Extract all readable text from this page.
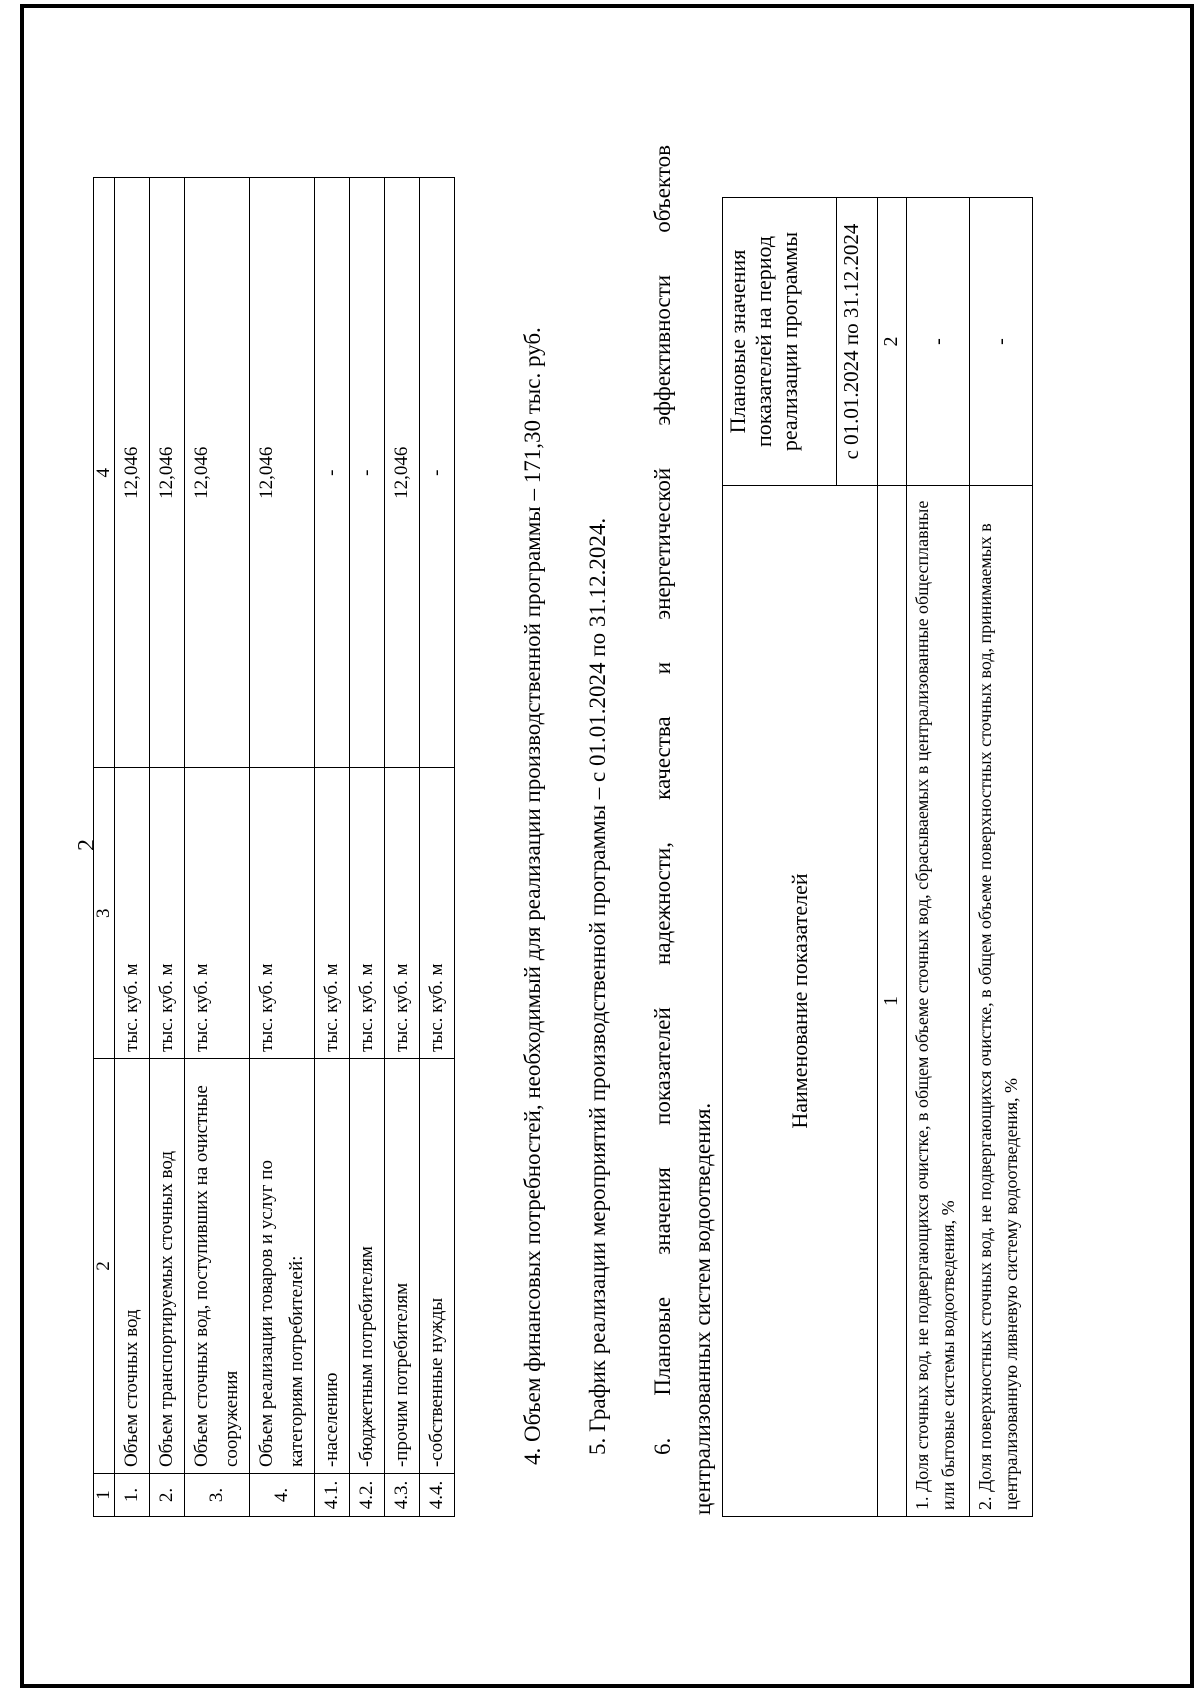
2
1	2	3	4
1.	Объем сточных вод	тыс. куб. м	12,046
2.	Объем транспортируемых сточных вод	тыс. куб. м	12,046
3.	Объем сточных вод, поступивших на очистные сооружения	тыс. куб. м	12,046
4.	Объем реализации товаров и услуг по категориям потребителей:	тыс. куб. м	12,046
4.1.	-населению	тыс. куб. м	-
4.2.	-бюджетным потребителям	тыс. куб. м	-
4.3.	-прочим потребителям	тыс. куб. м	12,046
4.4.	-собственные нужды	тыс. куб. м	-	4. Объем финансовых потребностей, необходимый для реализации производственной программы – 171,30 тыс. руб. 5. График реализации мероприятий производственной программы – с 01.01.2024 по 31.12.2024. 6.
Плановые
значения
показателей
надежности,
качества
и
энергетической
эффективности
объектов
централизованных систем водоотведения.
Наименование показателей	Плановые значения показателей на период реализации программы
	с 01.01.2024 по 31.12.2024
1	2
1. Доля сточных вод, не подвергающихся очистке, в общем объеме сточных вод, сбрасываемых в централизованные общесплавные или бытовые системы водоотведения, %	-
2. Доля поверхностных сточных вод, не подвергающихся очистке, в общем объеме поверхностных сточных вод, принимаемых в централизованную ливневую систему водоотведения, %	-
